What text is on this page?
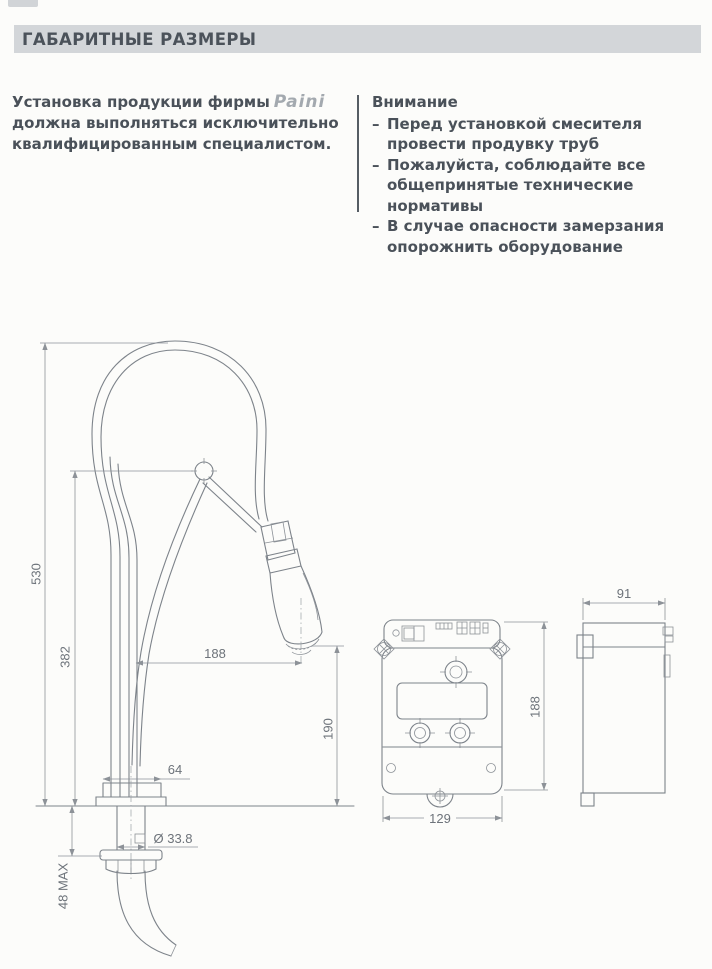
ГАБАРИТНЫЕ РАЗМЕРЫ
Установка продукции фирмы Paini
должна выполняться исключительно квалифицированным специалистом.
Внимание
– Перед установкой смесителя провести продувку труб
– Пожалуйста, соблюдайте все общепринятые технические нормативы
– В случае опасности замерзания опорожнить оборудование
530
382	188
190
64
Ø 33.8
48 MAX
129
188
91
